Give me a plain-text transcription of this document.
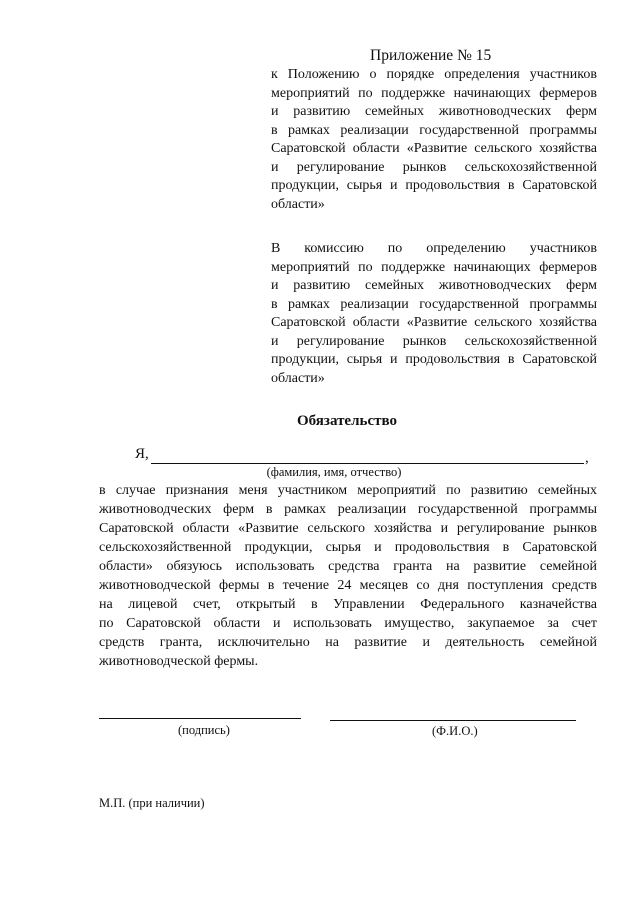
Приложение № 15
к Положению о порядке определения участников
мероприятий по поддержке начинающих фермеров
и развитию семейных животноводческих ферм
в рамках реализации государственной программы
Саратовской области «Развитие сельского хозяйства
и регулирование рынков сельскохозяйственной
продукции, сырья и продовольствия в Саратовской
области»
В комиссию по определению участников
мероприятий по поддержке начинающих фермеров
и развитию семейных животноводческих ферм
в рамках реализации государственной программы
Саратовской области «Развитие сельского хозяйства
и регулирование рынков сельскохозяйственной
продукции, сырья и продовольствия в Саратовской
области»
Обязательство
Я,	,
(фамилия, имя, отчество)
в случае признания меня участником мероприятий по развитию семейных
животноводческих ферм в рамках реализации государственной программы
Саратовской области «Развитие сельского хозяйства и регулирование рынков
сельскохозяйственной продукции, сырья и продовольствия в Саратовской
области» обязуюсь использовать средства гранта на развитие семейной
животноводческой фермы в течение 24 месяцев со дня поступления средств
на лицевой счет, открытый в Управлении Федерального казначейства
по Саратовской области и использовать имущество, закупаемое за счет
средств гранта, исключительно на развитие и деятельность семейной
животноводческой фермы.
(подпись)	(Ф.И.О.)
М.П. (при наличии)
